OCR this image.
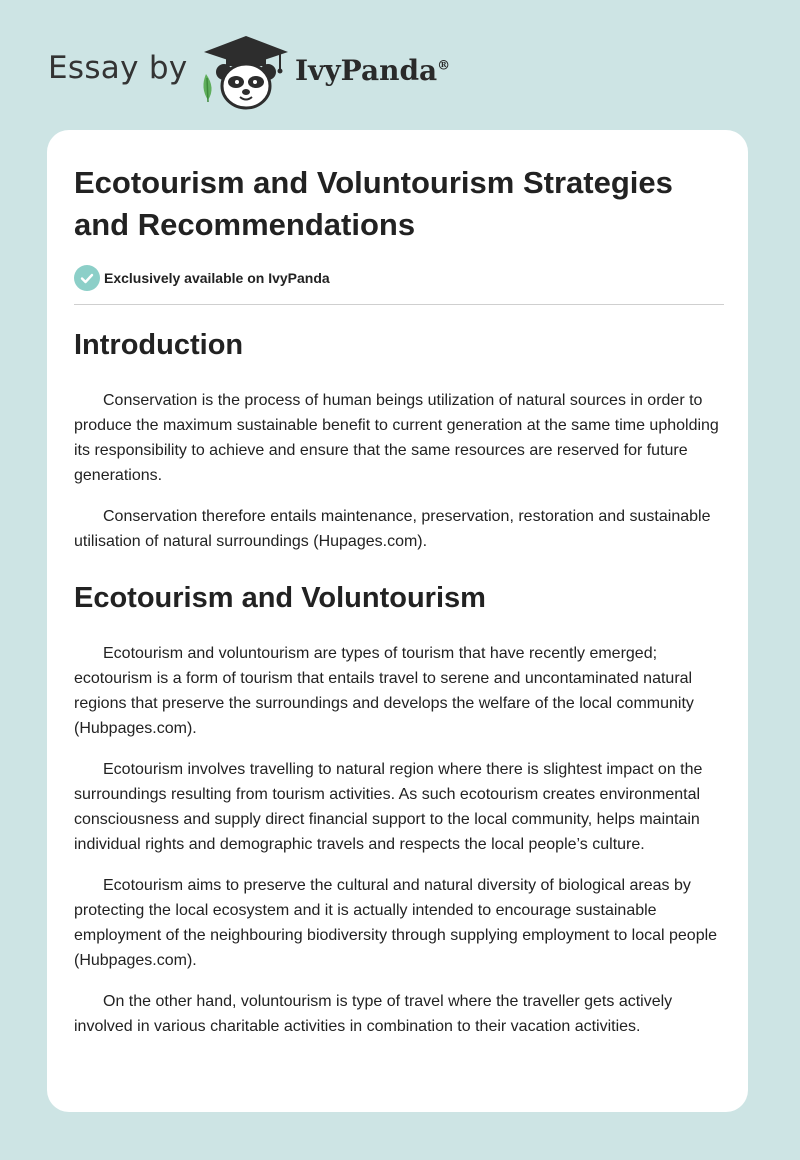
Essay by	IvyPanda®
Ecotourism and Voluntourism Strategies and Recommendations
Exclusively available on IvyPanda
Introduction

Conservation is the process of human beings utilization of natural sources in order to produce the maximum sustainable benefit to current generation at the same time upholding its responsibility to achieve and ensure that the same resources are reserved for future generations.

Conservation therefore entails maintenance, preservation, restoration and sustainable utilisation of natural surroundings (Hupages.com).

Ecotourism and Voluntourism

Ecotourism and voluntourism are types of tourism that have recently emerged; ecotourism is a form of tourism that entails travel to serene and uncontaminated natural regions that preserve the surroundings and develops the welfare of the local community (Hubpages.com).

Ecotourism involves travelling to natural region where there is slightest impact on the surroundings resulting from tourism activities. As such ecotourism creates environmental consciousness and supply direct financial support to the local community, helps maintain individual rights and demographic travels and respects the local people’s culture.

Ecotourism aims to preserve the cultural and natural diversity of biological areas by protecting the local ecosystem and it is actually intended to encourage sustainable employment of the neighbouring biodiversity through supplying employment to local people (Hubpages.com).

On the other hand, voluntourism is type of travel where the traveller gets actively involved in various charitable activities in combination to their vacation activities.
